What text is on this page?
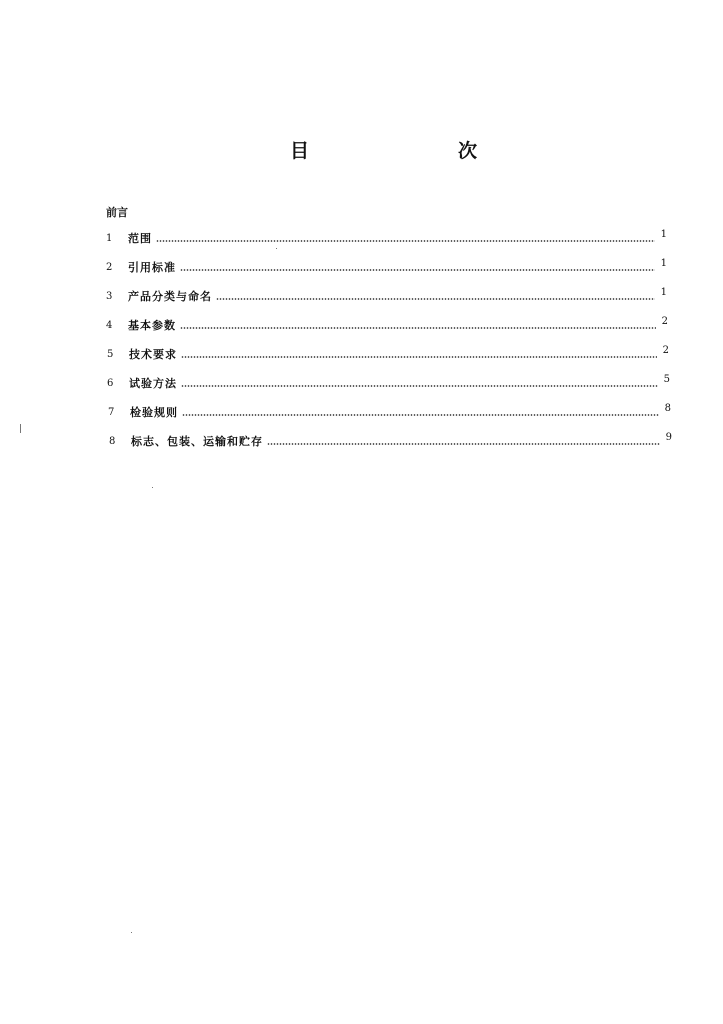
目	次
前言
1	范围	1
2	引用标准	1
3	产品分类与命名	1
4	基本参数	2
5	技术要求	2
6	试验方法	5
7	检验规则	8
8	标志、包装、运输和贮存	9
